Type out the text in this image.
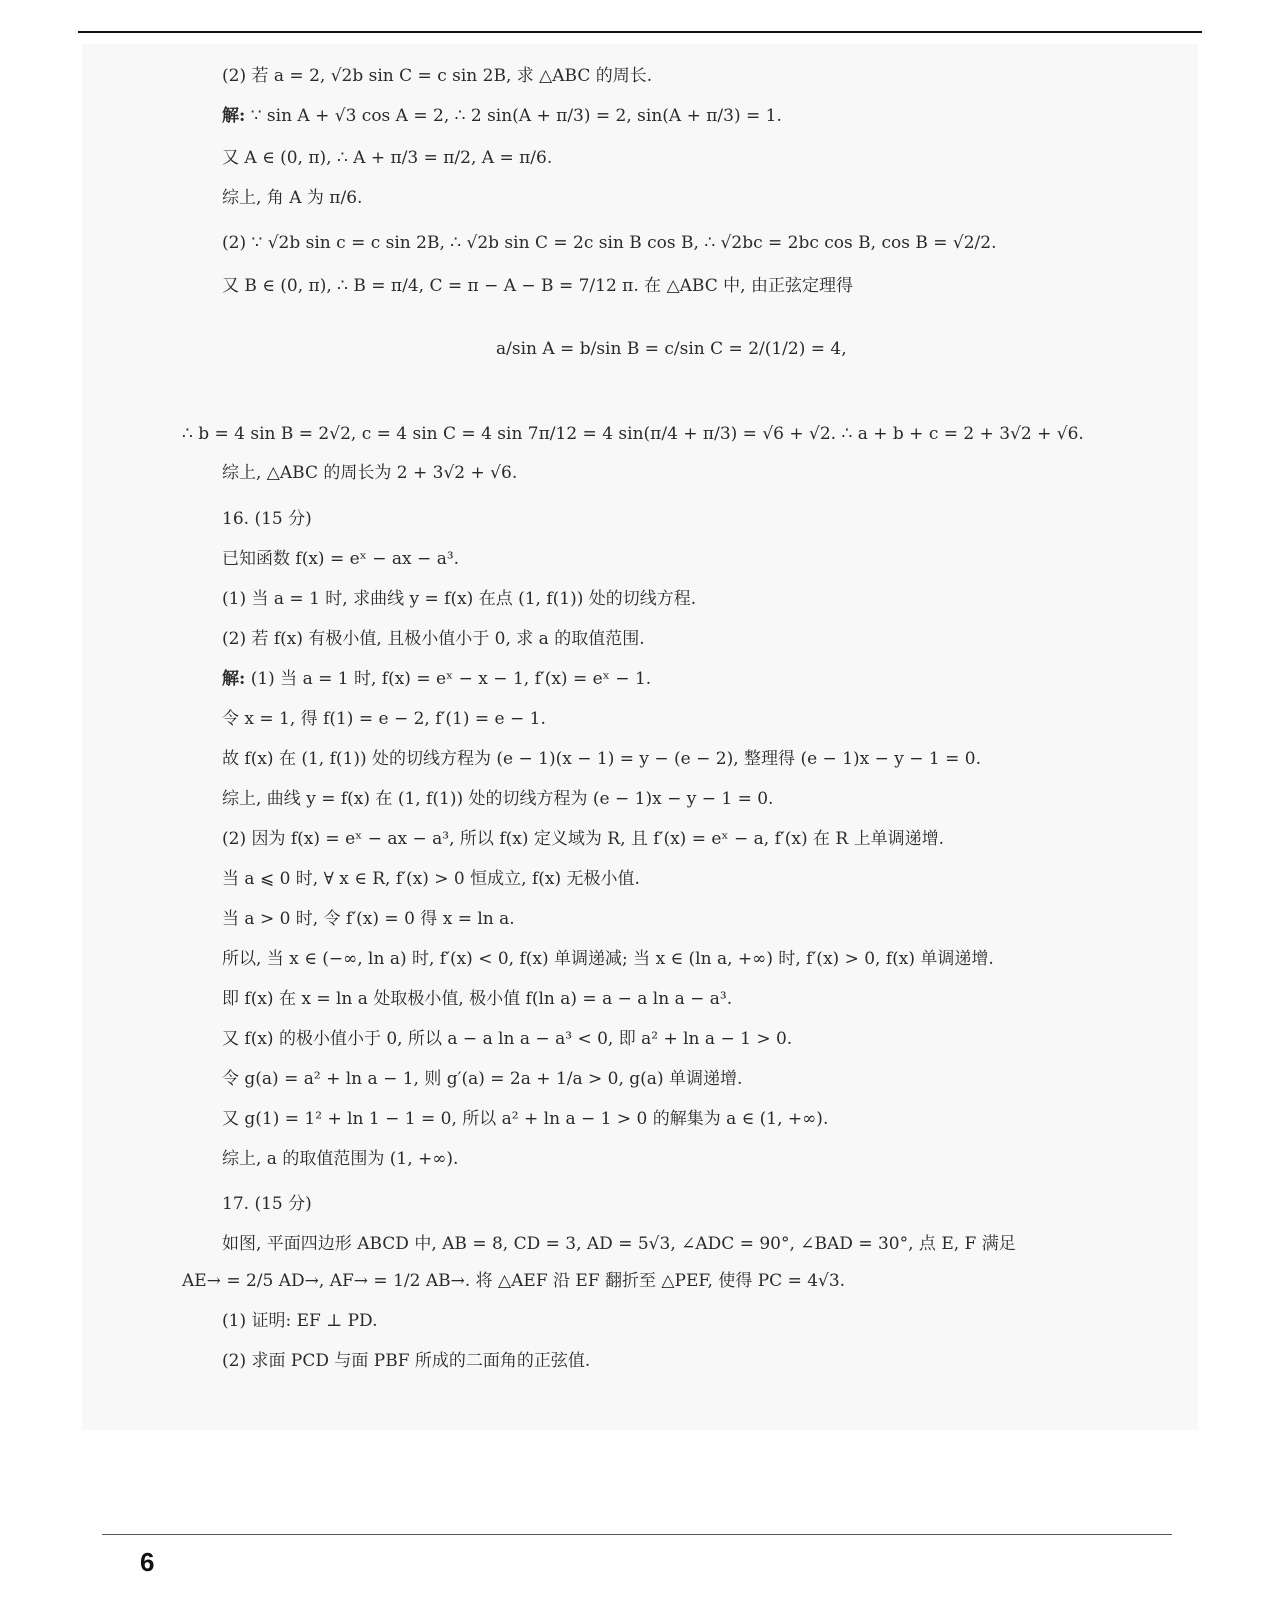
(2) 若 a = 2, √2b sin C = c sin 2B, 求 △ABC 的周长.
解: ∵ sin A + √3 cos A = 2, ∴ 2 sin(A + π/3) = 2, sin(A + π/3) = 1.
又 A ∈ (0, π), ∴ A + π/3 = π/2, A = π/6.
综上, 角 A 为 π/6.
(2) ∵ √2b sin c = c sin 2B, ∴ √2b sin C = 2c sin B cos B, ∴ √2bc = 2bc cos B, cos B = √2/2.
又 B ∈ (0, π), ∴ B = π/4, C = π − A − B = 7/12 π. 在 △ABC 中, 由正弦定理得
a/sin A = b/sin B = c/sin C = 2/(1/2) = 4,
∴ b = 4 sin B = 2√2, c = 4 sin C = 4 sin 7π/12 = 4 sin(π/4 + π/3) = √6 + √2. ∴ a + b + c = 2 + 3√2 + √6.
综上, △ABC 的周长为 2 + 3√2 + √6.
16. (15 分)
已知函数 f(x) = eˣ − ax − a³.
(1) 当 a = 1 时, 求曲线 y = f(x) 在点 (1, f(1)) 处的切线方程.
(2) 若 f(x) 有极小值, 且极小值小于 0, 求 a 的取值范围.
解: (1) 当 a = 1 时, f(x) = eˣ − x − 1, f′(x) = eˣ − 1.
令 x = 1, 得 f(1) = e − 2, f′(1) = e − 1.
故 f(x) 在 (1, f(1)) 处的切线方程为 (e − 1)(x − 1) = y − (e − 2), 整理得 (e − 1)x − y − 1 = 0.
综上, 曲线 y = f(x) 在 (1, f(1)) 处的切线方程为 (e − 1)x − y − 1 = 0.
(2) 因为 f(x) = eˣ − ax − a³, 所以 f(x) 定义域为 R, 且 f′(x) = eˣ − a, f′(x) 在 R 上单调递增.
当 a ⩽ 0 时, ∀ x ∈ R, f′(x) > 0 恒成立, f(x) 无极小值.
当 a > 0 时, 令 f′(x) = 0 得 x = ln a.
所以, 当 x ∈ (−∞, ln a) 时, f′(x) < 0, f(x) 单调递减; 当 x ∈ (ln a, +∞) 时, f′(x) > 0, f(x) 单调递增.
即 f(x) 在 x = ln a 处取极小值, 极小值 f(ln a) = a − a ln a − a³.
又 f(x) 的极小值小于 0, 所以 a − a ln a − a³ < 0, 即 a² + ln a − 1 > 0.
令 g(a) = a² + ln a − 1, 则 g′(a) = 2a + 1/a > 0, g(a) 单调递增.
又 g(1) = 1² + ln 1 − 1 = 0, 所以 a² + ln a − 1 > 0 的解集为 a ∈ (1, +∞).
综上, a 的取值范围为 (1, +∞).
17. (15 分)
如图, 平面四边形 ABCD 中, AB = 8, CD = 3, AD = 5√3, ∠ADC = 90°, ∠BAD = 30°, 点 E, F 满足
AE→ = 2/5 AD→, AF→ = 1/2 AB→. 将 △AEF 沿 EF 翻折至 △PEF, 使得 PC = 4√3.
(1) 证明: EF ⊥ PD.
(2) 求面 PCD 与面 PBF 所成的二面角的正弦值.
6
